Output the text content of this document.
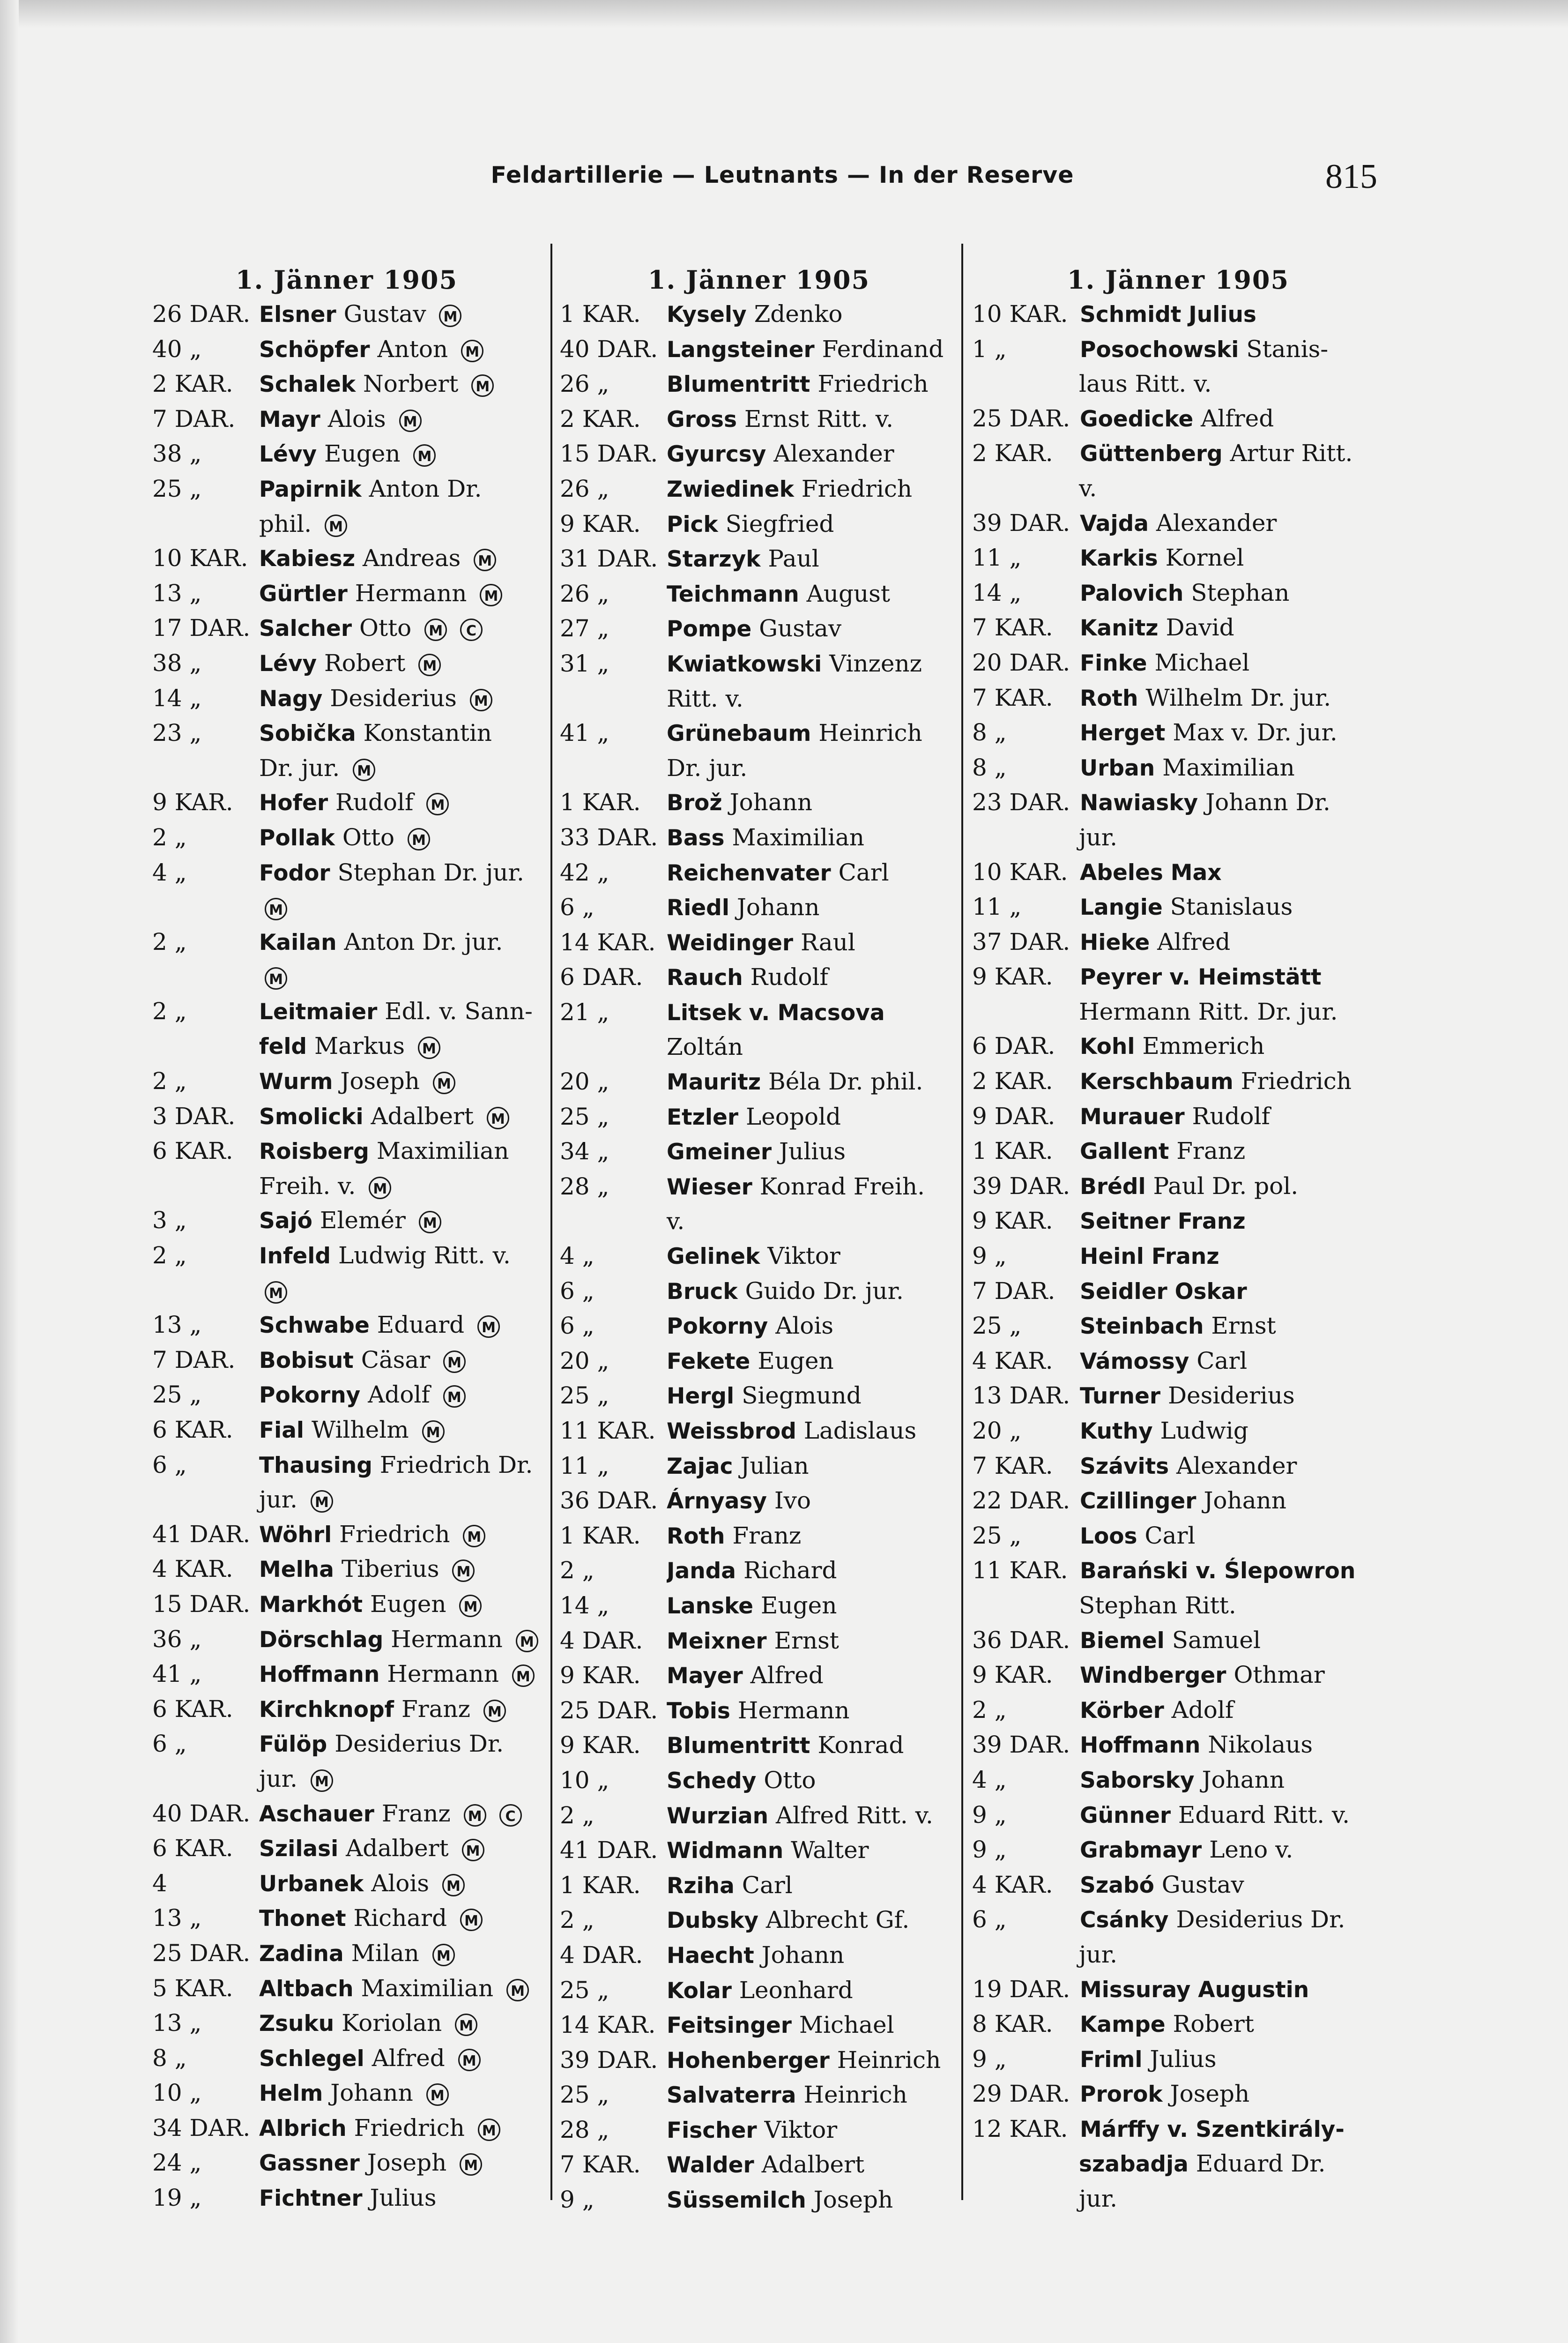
Feldartillerie — Leutnants — In der Reserve	815
1. Jänner 1905
26 DAR. Elsner Gustav M
40 „	Schöpfer Anton M
2 KAR.	Schalek Norbert M
7 DAR.	Mayr Alois M
38 „	Lévy Eugen M
25 „	Papirnik Anton Dr.
phil. M
10 KAR. Kabiesz Andreas M
13 „	Gürtler Hermann M
17 DAR. Salcher Otto M C
38 „	Lévy Robert M
14 „	Nagy Desiderius M
23 „	Sobička Konstantin
Dr. jur. M
9 KAR.	Hofer Rudolf M
2 „	Pollak Otto M
4 „	Fodor Stephan Dr. jur.
M
2 „	Kailan Anton Dr. jur.
M
2 „	Leitmaier Edl. v. Sann-
feld Markus M
2 „	Wurm Joseph M
3 DAR.	Smolicki Adalbert M
6 KAR.	Roisberg Maximilian
Freih. v. M
3 „	Sajó Elemér M
2 „	Infeld Ludwig Ritt. v.
M
13 „	Schwabe Eduard M
7 DAR.	Bobisut Cäsar M
25 „	Pokorny Adolf M
6 KAR.	Fial Wilhelm M
6 „	Thausing Friedrich Dr.
jur. M
41 DAR. Wöhrl Friedrich M
4 KAR.	Melha Tiberius M
15 DAR. Markhót Eugen M
36 „	Dörschlag Hermann M
41 „	Hoffmann Hermann M
6 KAR.	Kirchknopf Franz M
6 „	Fülöp Desiderius Dr.
jur. M
40 DAR. Aschauer Franz M C
6 KAR.	Szilasi Adalbert M
4	Urbanek Alois M
13 „	Thonet Richard M
25 DAR. Zadina Milan M
5 KAR.	Altbach Maximilian M
13 „	Zsuku Koriolan M
8 „	Schlegel Alfred M
10 „	Helm Johann M
34 DAR. Albrich Friedrich M
24 „	Gassner Joseph M
19 „	Fichtner Julius
1. Jänner 1905
1 KAR.	Kysely Zdenko
40 DAR. Langsteiner Ferdinand
26 „	Blumentritt Friedrich
2 KAR.	Gross Ernst Ritt. v.
15 DAR. Gyurcsy Alexander
26 „	Zwiedinek Friedrich
9 KAR.	Pick Siegfried
31 DAR. Starzyk Paul
26 „	Teichmann August
27 „	Pompe Gustav
31 „	Kwiatkowski Vinzenz
Ritt. v.
41 „	Grünebaum Heinrich
Dr. jur.
1 KAR.	Brož Johann
33 DAR. Bass Maximilian
42 „	Reichenvater Carl
6 „	Riedl Johann
14 KAR. Weidinger Raul
6 DAR.	Rauch Rudolf
21 „	Litsek v. Macsova
Zoltán
20 „	Mauritz Béla Dr. phil.
25 „	Etzler Leopold
34 „	Gmeiner Julius
28 „	Wieser Konrad Freih.
v.
4 „	Gelinek Viktor
6 „	Bruck Guido Dr. jur.
6 „	Pokorny Alois
20 „	Fekete Eugen
25 „	Hergl Siegmund
11 KAR. Weissbrod Ladislaus
11 „	Zajac Julian
36 DAR. Árnyasy Ivo
1 KAR.	Roth Franz
2 „	Janda Richard
14 „	Lanske Eugen
4 DAR.	Meixner Ernst
9 KAR.	Mayer Alfred
25 DAR. Tobis Hermann
9 KAR.	Blumentritt Konrad
10 „	Schedy Otto
2 „	Wurzian Alfred Ritt. v.
41 DAR. Widmann Walter
1 KAR.	Rziha Carl
2 „	Dubsky Albrecht Gf.
4 DAR.	Haecht Johann
25 „	Kolar Leonhard
14 KAR. Feitsinger Michael
39 DAR. Hohenberger Heinrich
25 „	Salvaterra Heinrich
28 „	Fischer Viktor
7 KAR.	Walder Adalbert
9 „	Süssemilch Joseph
1. Jänner 1905
10 KAR. Schmidt Julius
1 „	Posochowski Stanis-
laus Ritt. v.
25 DAR. Goedicke Alfred
2 KAR.	Güttenberg Artur Ritt.
v.
39 DAR. Vajda Alexander
11 „	Karkis Kornel
14 „	Palovich Stephan
7 KAR.	Kanitz David
20 DAR. Finke Michael
7 KAR.	Roth Wilhelm Dr. jur.
8 „	Herget Max v. Dr. jur.
8 „	Urban Maximilian
23 DAR. Nawiasky Johann Dr.
jur.
10 KAR. Abeles Max
11 „	Langie Stanislaus
37 DAR. Hieke Alfred
9 KAR.	Peyrer v. Heimstätt
Hermann Ritt. Dr. jur.
6 DAR.	Kohl Emmerich
2 KAR.	Kerschbaum Friedrich
9 DAR.	Murauer Rudolf
1 KAR.	Gallent Franz
39 DAR. Brédl Paul Dr. pol.
9 KAR.	Seitner Franz
9 „	Heinl Franz
7 DAR.	Seidler Oskar
25 „	Steinbach Ernst
4 KAR.	Vámossy Carl
13 DAR. Turner Desiderius
20 „	Kuthy Ludwig
7 KAR.	Szávits Alexander
22 DAR. Czillinger Johann
25 „	Loos Carl
11 KAR. Barański v. Ślepowron
Stephan Ritt.
36 DAR. Biemel Samuel
9 KAR.	Windberger Othmar
2 „	Körber Adolf
39 DAR. Hoffmann Nikolaus
4 „	Saborsky Johann
9 „	Günner Eduard Ritt. v.
9 „	Grabmayr Leno v.
4 KAR.	Szabó Gustav
6 „	Csánky Desiderius Dr.
jur.
19 DAR. Missuray Augustin
8 KAR.	Kampe Robert
9 „	Friml Julius
29 DAR. Prorok Joseph
12 KAR. Márffy v. Szentkirály-
szabadja Eduard Dr.
jur.
